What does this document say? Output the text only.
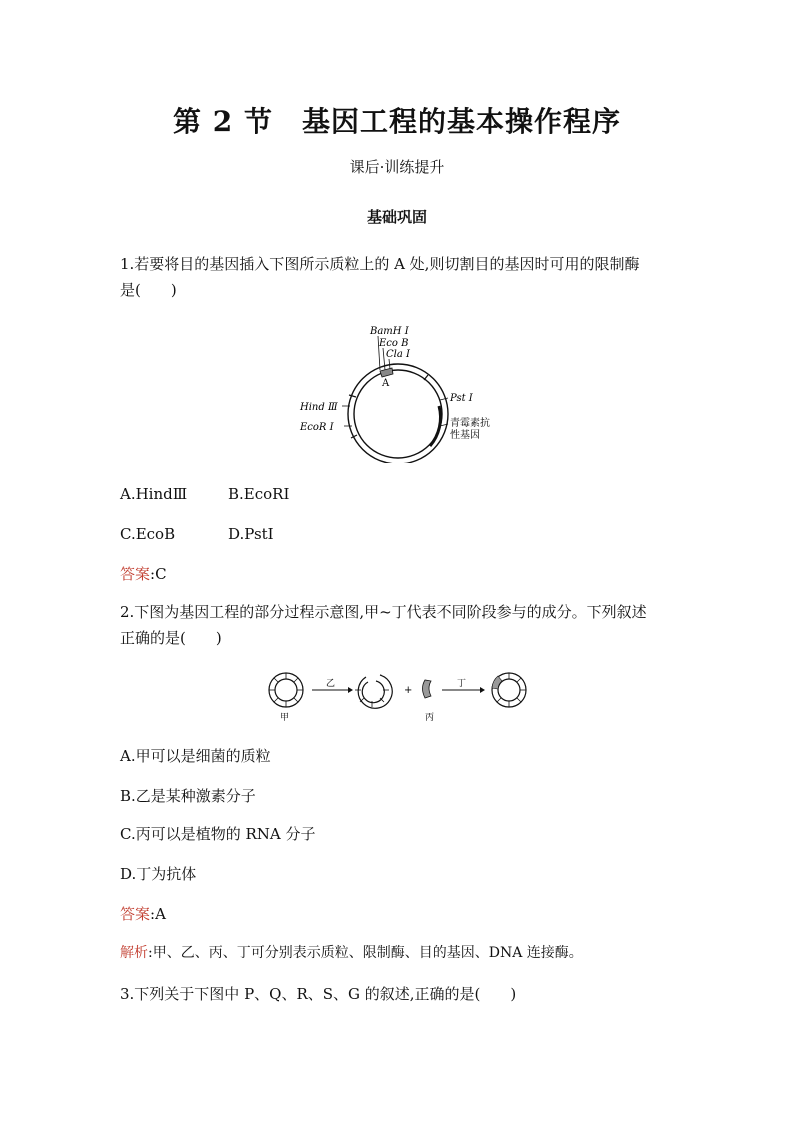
第 2 节　基因工程的基本操作程序
课后·训练提升
基础巩固
1.若要将目的基因插入下图所示质粒上的 A 处,则切割目的基因时可用的限制酶
是(　　)
BamH Ⅰ
Eco B
Cla Ⅰ
A
Pst Ⅰ
Hind Ⅲ
EcoR Ⅰ	青霉素抗
性基因
A.HindⅢ	B.EcoRⅠ
C.EcoB	D.PstⅠ
答案:C
2.下图为基因工程的部分过程示意图,甲~丁代表不同阶段参与的成分。下列叙述
正确的是(　　)
甲
乙
+
丙
丁
A.甲可以是细菌的质粒
B.乙是某种激素分子
C.丙可以是植物的 RNA 分子
D.丁为抗体
答案:A
解析:甲、乙、丙、丁可分别表示质粒、限制酶、目的基因、DNA 连接酶。
3.下列关于下图中 P、Q、R、S、G 的叙述,正确的是(　　)
